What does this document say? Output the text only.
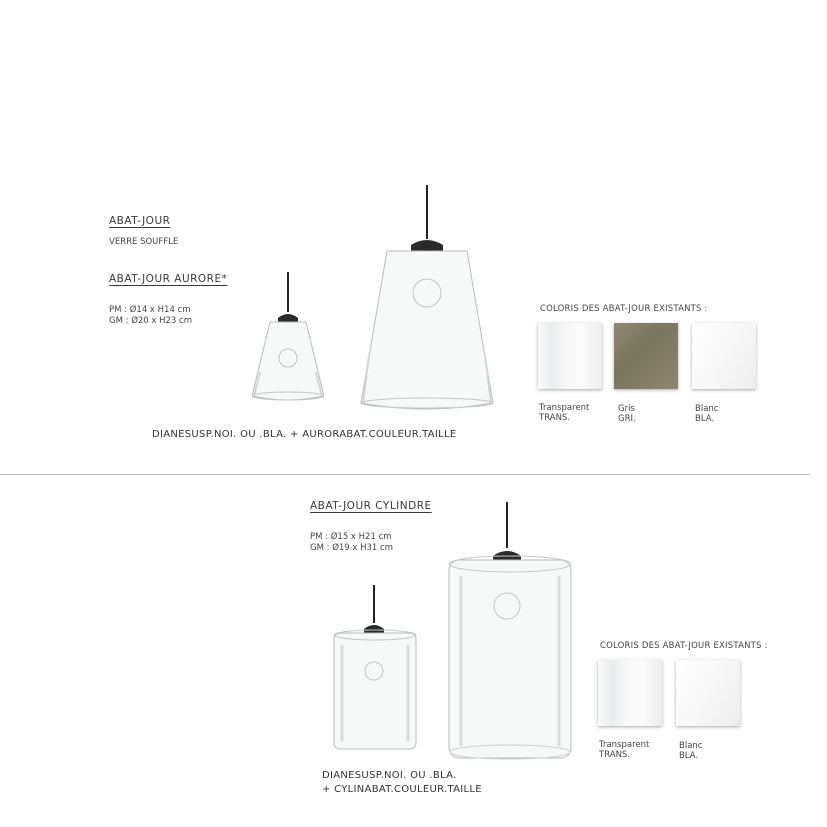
ABAT-JOUR
VERRE SOUFFLE
ABAT-JOUR AURORE*
PM : Ø14 x H14 cm
GM : Ø20 x H23 cm
DIANESUSP.NOI. OU .BLA. + AURORABAT.COULEUR.TAILLE
COLORIS DES ABAT-JOUR EXISTANTS :
Transparent
TRANS.
Gris
GRI.
Blanc
BLA.
ABAT-JOUR CYLINDRE
PM : Ø15 x H21 cm
GM : Ø19 x H31 cm
DIANESUSP.NOI. OU .BLA.
+ CYLINABAT.COULEUR.TAILLE
COLORIS DES ABAT-JOUR EXISTANTS :
Transparent
TRANS.
Blanc
BLA.
